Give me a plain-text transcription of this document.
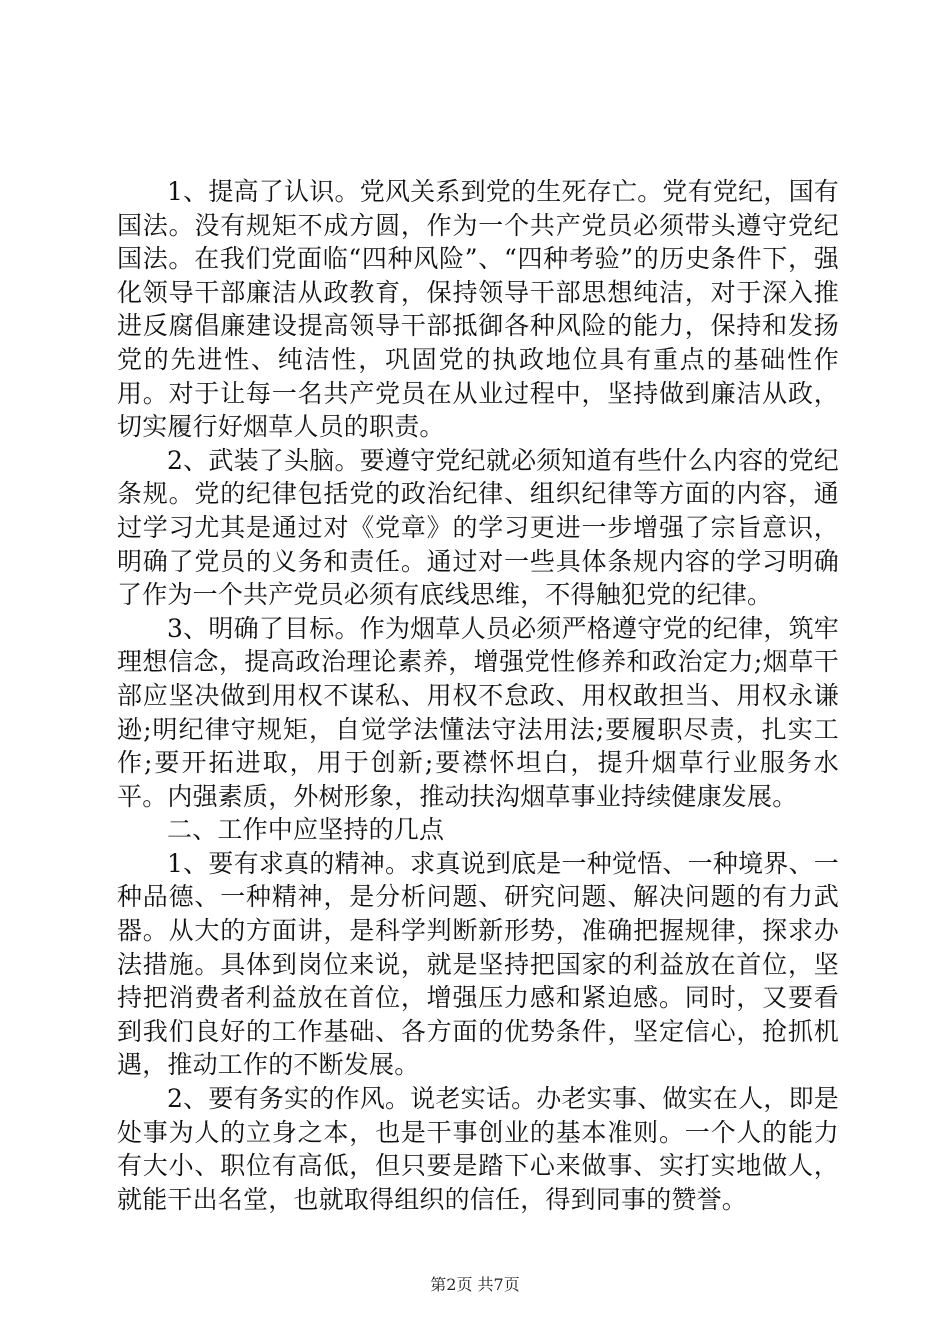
1、提高了认识。党风关系到党的生死存亡。党有党纪，国有国法。没有规矩不成方圆，作为一个共产党员必须带头遵守党纪国法。在我们党面临“四种风险”、“四种考验”的历史条件下，强化领导干部廉洁从政教育，保持领导干部思想纯洁，对于深入推进反腐倡廉建设提高领导干部抵御各种风险的能力，保持和发扬党的先进性、纯洁性，巩固党的执政地位具有重点的基础性作用。对于让每一名共产党员在从业过程中，坚持做到廉洁从政，切实履行好烟草人员的职责。

2、武装了头脑。要遵守党纪就必须知道有些什么内容的党纪条规。党的纪律包括党的政治纪律、组织纪律等方面的内容，通过学习尤其是通过对《党章》的学习更进一步增强了宗旨意识，明确了党员的义务和责任。通过对一些具体条规内容的学习明确了作为一个共产党员必须有底线思维，不得触犯党的纪律。

3、明确了目标。作为烟草人员必须严格遵守党的纪律，筑牢理想信念，提高政治理论素养，增强党性修养和政治定力;烟草干部应坚决做到用权不谋私、用权不怠政、用权敢担当、用权永谦逊;明纪律守规矩，自觉学法懂法守法用法;要履职尽责，扎实工作;要开拓进取，用于创新;要襟怀坦白，提升烟草行业服务水平。内强素质，外树形象，推动扶沟烟草事业持续健康发展。

二、工作中应坚持的几点

1、要有求真的精神。求真说到底是一种觉悟、一种境界、一种品德、一种精神，是分析问题、研究问题、解决问题的有力武器。从大的方面讲，是科学判断新形势，准确把握规律，探求办法措施。具体到岗位来说，就是坚持把国家的利益放在首位，坚持把消费者利益放在首位，增强压力感和紧迫感。同时，又要看到我们良好的工作基础、各方面的优势条件，坚定信心，抢抓机遇，推动工作的不断发展。

2、要有务实的作风。说老实话。办老实事、做实在人，即是处事为人的立身之本，也是干事创业的基本准则。一个人的能力有大小、职位有高低，但只要是踏下心来做事、实打实地做人，就能干出名堂，也就取得组织的信任，得到同事的赞誉。

第2页 共7页
